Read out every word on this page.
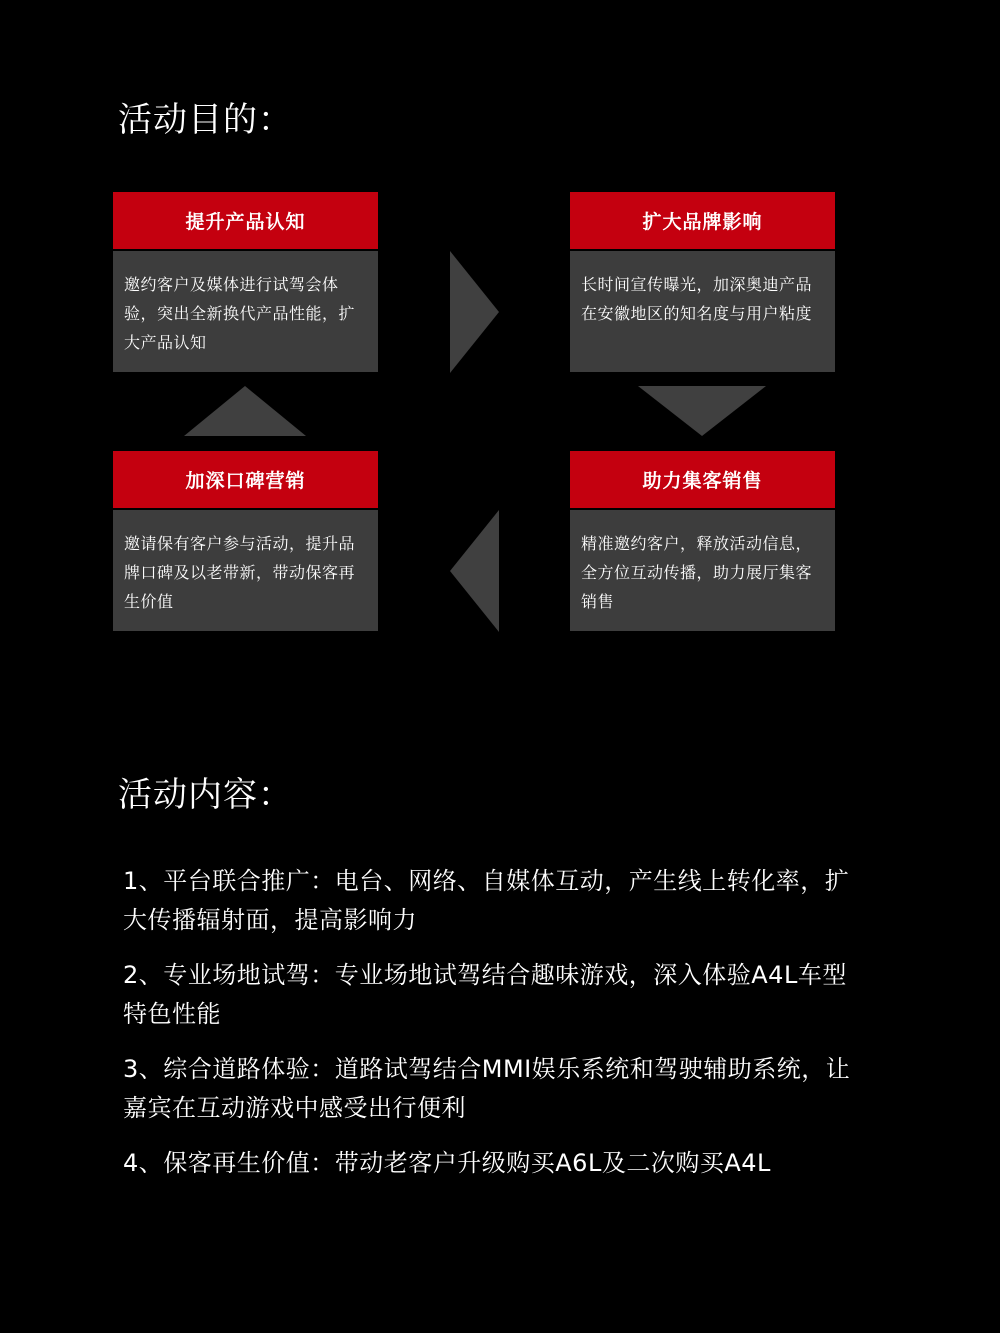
活动目的：
提升产品认知
邀约客户及媒体进行试驾会体验，突出全新换代产品性能，扩大产品认知
扩大品牌影响
长时间宣传曝光，加深奥迪产品在安徽地区的知名度与用户粘度
加深口碑营销
邀请保有客户参与活动，提升品牌口碑及以老带新，带动保客再生价值
助力集客销售
精准邀约客户，释放活动信息，全方位互动传播，助力展厅集客销售
活动内容：
1、平台联合推广：电台、网络、自媒体互动，产生线上转化率，扩大传播辐射面，提高影响力
2、专业场地试驾：专业场地试驾结合趣味游戏，深入体验A4L车型特色性能
3、综合道路体验：道路试驾结合MMI娱乐系统和驾驶辅助系统，让嘉宾在互动游戏中感受出行便利
4、保客再生价值：带动老客户升级购买A6L及二次购买A4L
